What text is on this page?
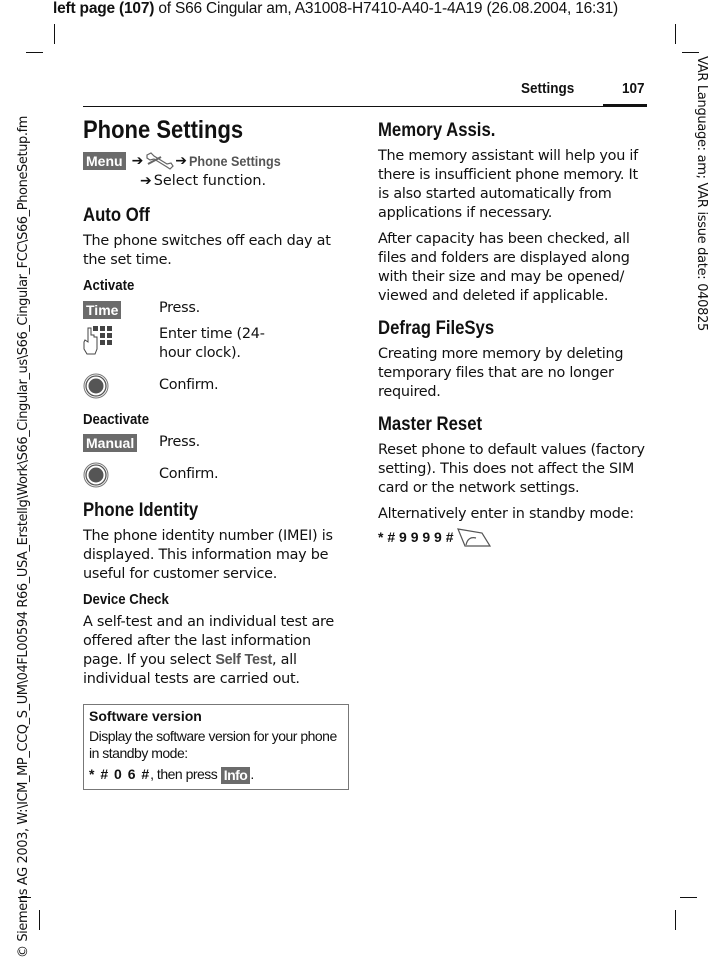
left page (107) of S66 Cingular am, A31008-H7410-A40-1-4A19 (26.08.2004, 16:31)
© Siemens AG 2003, W:\ICM_MP_CCQ_S_UM\04FL00594 R66_USA_Erstellg\Work\S66_Cingular_us\S66_Cingular_FCC\S66_PhoneSetup.fm	VAR Language: am; VAR issue date: 040825
Settings	107
Phone Settings
Menu ➔ ➔ Phone Settings
➔ Select function.
Auto Off
The phone switches off each day at the set time.
Activate
Time	Press.
Enter time (24-hour clock).
Confirm.
Deactivate
Manual	Press.
Confirm.
Phone Identity
The phone identity number (IMEI) is displayed. This information may be useful for customer service.
Device Check
A self-test and an individual test are offered after the last information page. If you select Self Test, all individual tests are carried out.
Software version
Display the software version for your phone in standby mode:
* # 0 6 #, then press Info .
Memory Assis.
The memory assistant will help you if there is insufficient phone memory. It is also started automatically from applications if necessary.
After capacity has been checked, all files and folders are displayed along with their size and may be opened/ viewed and deleted if applicable.
Defrag FileSys
Creating more memory by deleting temporary files that are no longer required.
Master Reset
Reset phone to default values (factory setting). This does not affect the SIM card or the network settings.
Alternatively enter in standby mode:
* # 9 9 9 9 #
